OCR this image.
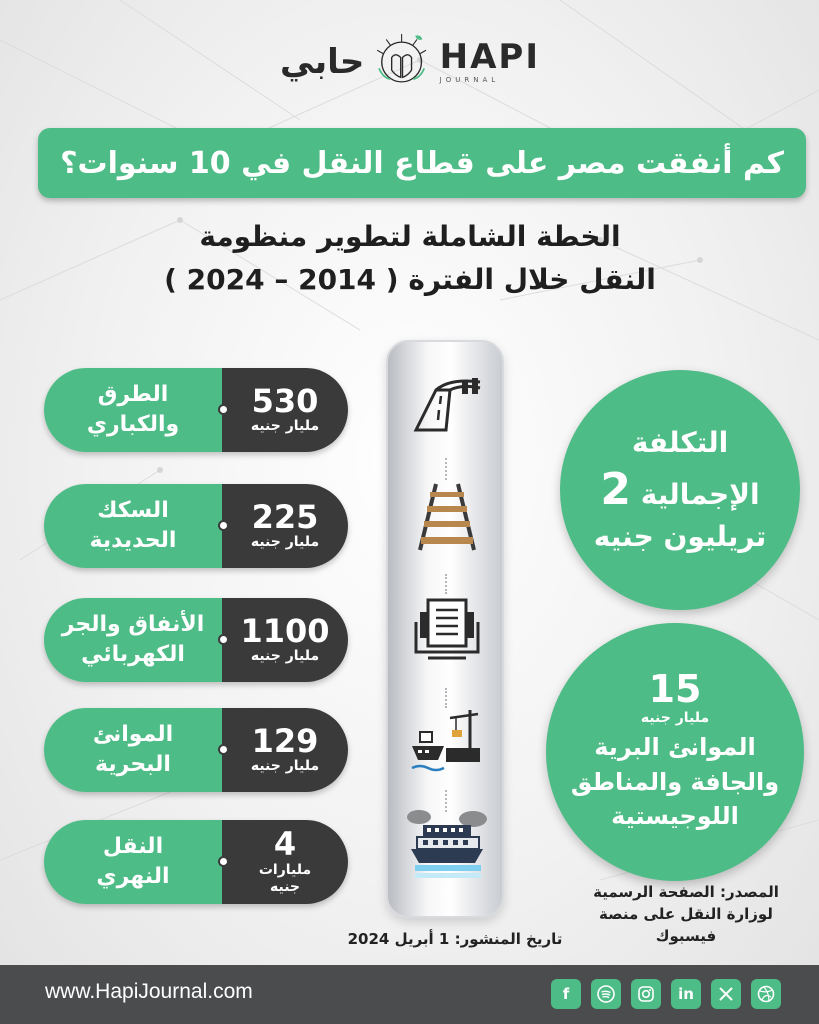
حابي HAPI
JOURNAL
كم أنفقت مصر على قطاع النقل في 10 سنوات؟
الخطة الشاملة لتطوير منظومة
النقل خلال الفترة ( 2014 – 2024 )
الطرق
والكباري
530
مليار جنيه
السكك
الحديدية
225
مليار جنيه
الأنفاق والجر
الكهربائي
1100
مليار جنيه
الموانئ
البحرية
129
مليار جنيه
النقل
النهري
4
مليارات
جنيه
التكلفة
الإجمالية 2
تريليون جنيه
15
مليار جنيه
الموانئ البرية
والجافة والمناطق
اللوجيستية
المصدر: الصفحة الرسمية
لوزارة النقل على منصة
فيسبوك
تاريخ المنشور: 1 أبريل 2024
www.HapiJournal.com	f	in
